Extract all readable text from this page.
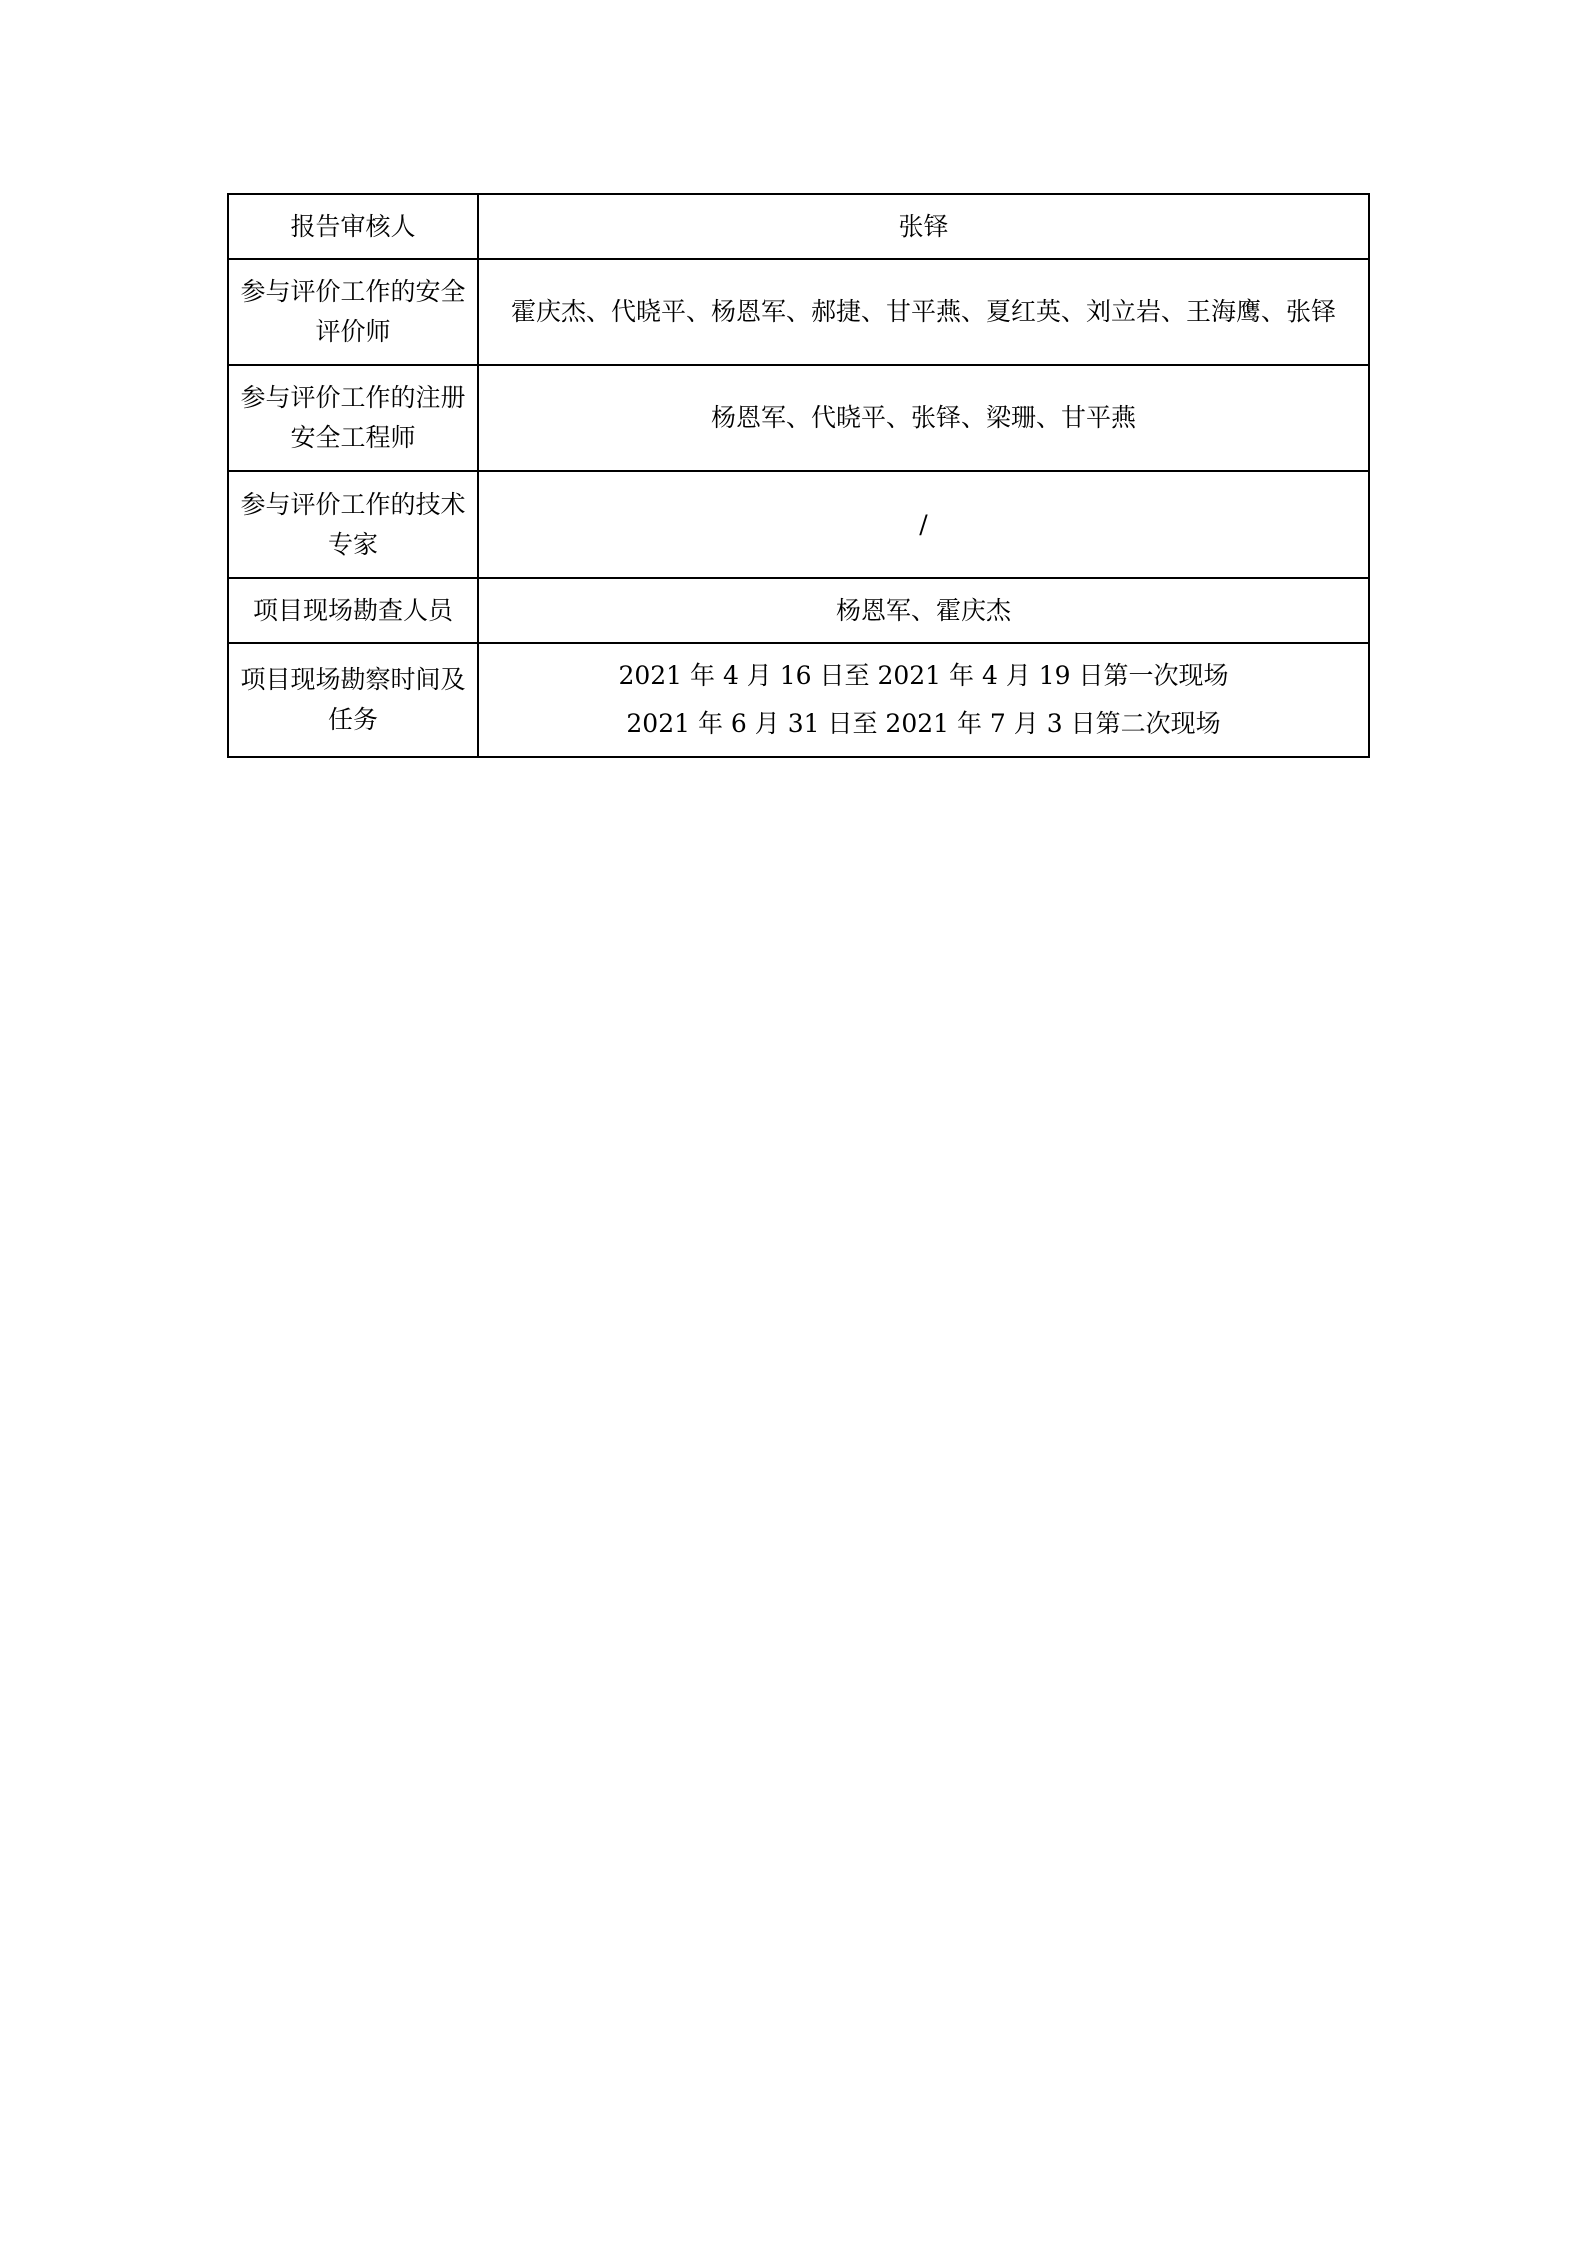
报告审核人	张铎
参与评价工作的安全评价师	霍庆杰、代晓平、杨恩军、郝捷、甘平燕、夏红英、刘立岩、王海鹰、张铎
参与评价工作的注册安全工程师	杨恩军、代晓平、张铎、梁珊、甘平燕
参与评价工作的技术专家	/
项目现场勘查人员	杨恩军、霍庆杰
项目现场勘察时间及任务	2021 年 4 月 16 日至 2021 年 4 月 19 日第一次现场
2021 年 6 月 31 日至 2021 年 7 月 3 日第二次现场
